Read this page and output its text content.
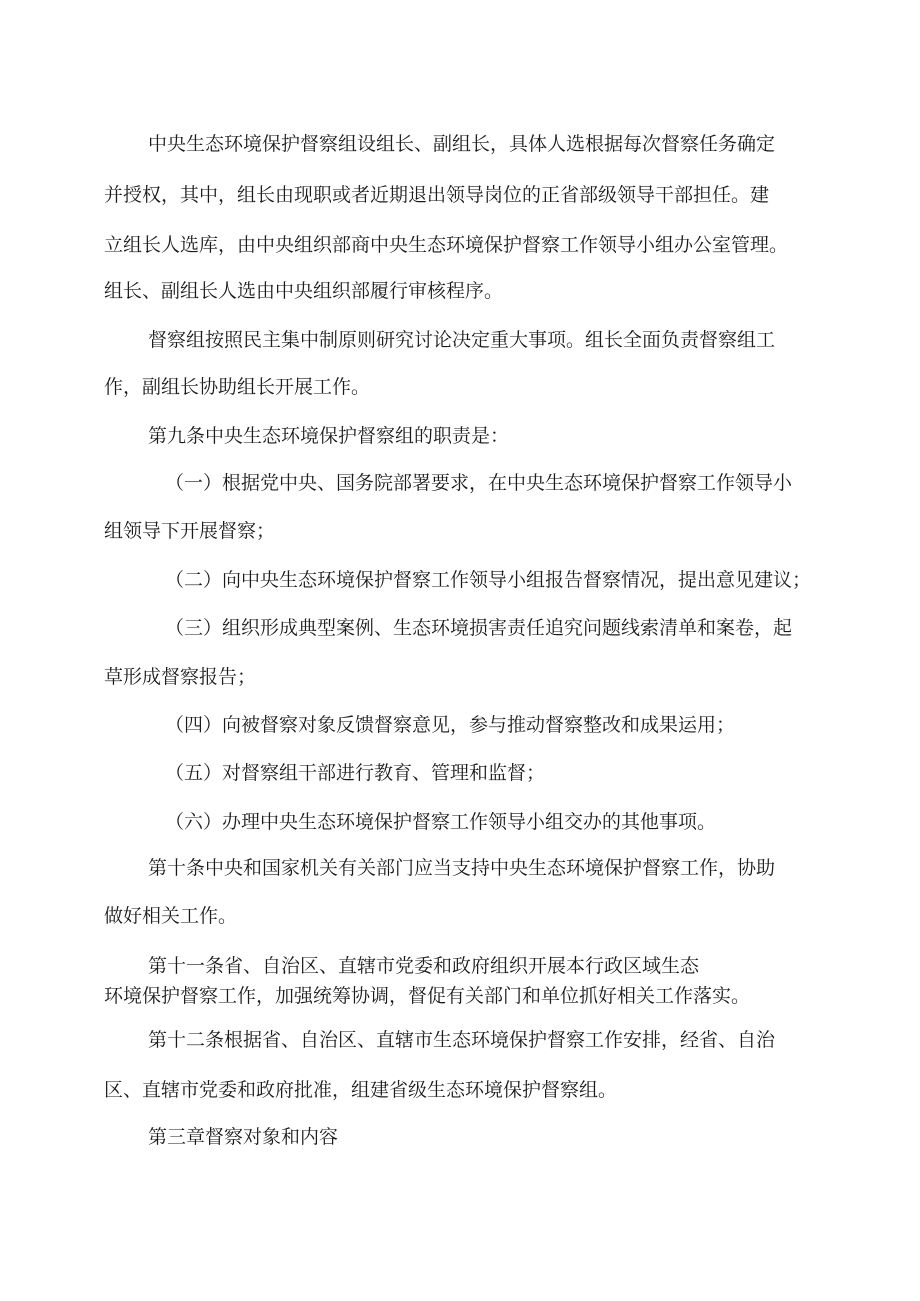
中央生态环境保护督察组设组长、副组长，具体人选根据每次督察任务确定

并授权，其中，组长由现职或者近期退出领导岗位的正省部级领导干部担任。建

立组长人选库，由中央组织部商中央生态环境保护督察工作领导小组办公室管理。

组长、副组长人选由中央组织部履行审核程序。

督察组按照民主集中制原则研究讨论决定重大事项。组长全面负责督察组工

作，副组长协助组长开展工作。

第九条中央生态环境保护督察组的职责是：

（一）根据党中央、国务院部署要求，在中央生态环境保护督察工作领导小

组领导下开展督察；

（二）向中央生态环境保护督察工作领导小组报告督察情况，提出意见建议；

（三）组织形成典型案例、生态环境损害责任追究问题线索清单和案卷，起

草形成督察报告；

（四）向被督察对象反馈督察意见，参与推动督察整改和成果运用；

（五）对督察组干部进行教育、管理和监督；

（六）办理中央生态环境保护督察工作领导小组交办的其他事项。

第十条中央和国家机关有关部门应当支持中央生态环境保护督察工作，协助

做好相关工作。

第十一条省、自治区、直辖市党委和政府组织开展本行政区域生态

环境保护督察工作，加强统筹协调，督促有关部门和单位抓好相关工作落实。

第十二条根据省、自治区、直辖市生态环境保护督察工作安排，经省、自治

区、直辖市党委和政府批准，组建省级生态环境保护督察组。

第三章督察对象和内容
